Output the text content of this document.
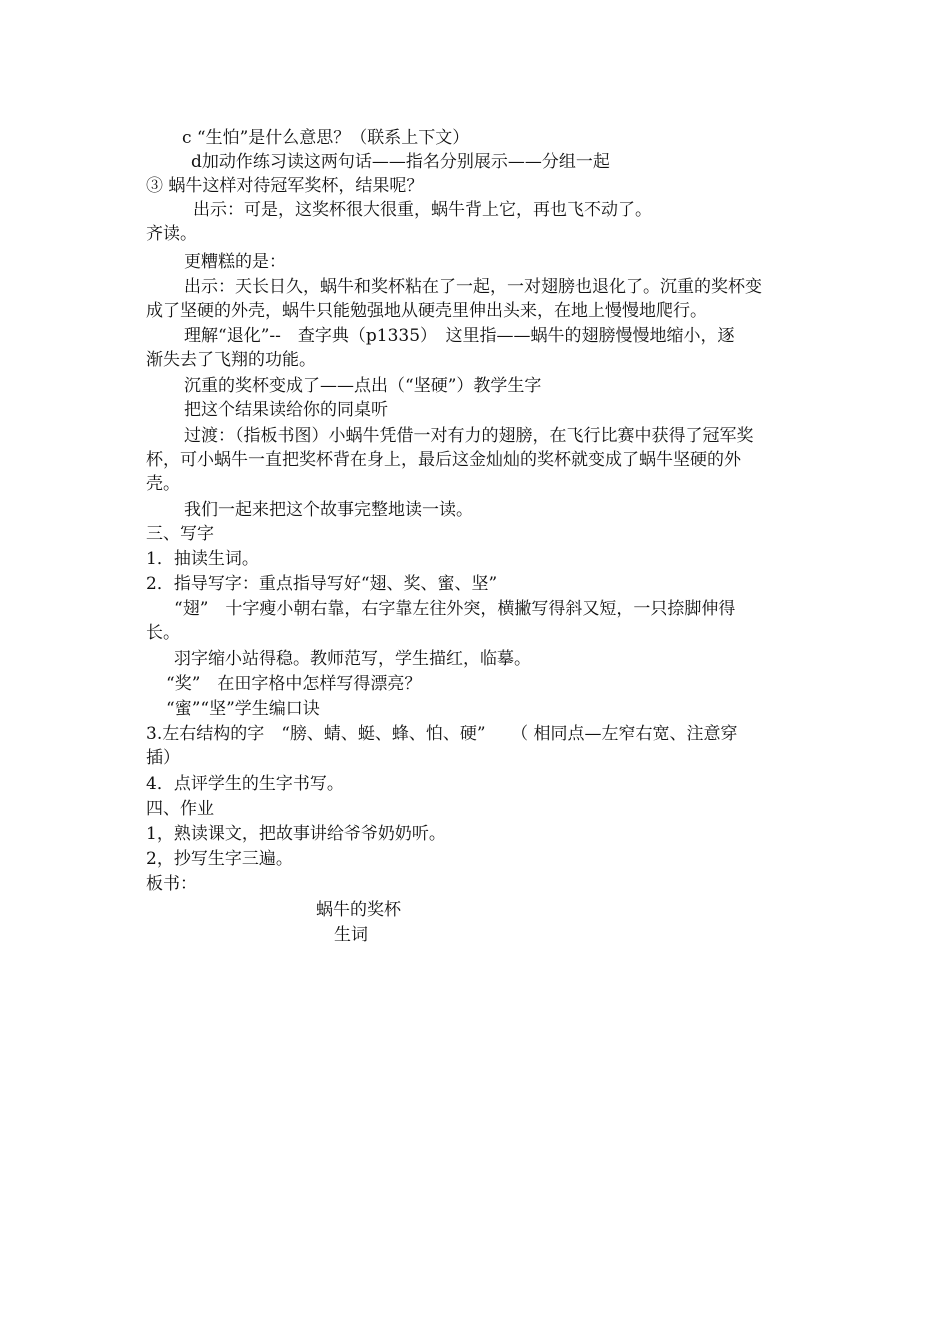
c “生怕”是什么意思？（联系上下文）
d加动作练习读这两句话——指名分别展示——分组一起
③ 蜗牛这样对待冠军奖杯，结果呢？
出示：可是，这奖杯很大很重，蜗牛背上它，再也飞不动了。
齐读。
更糟糕的是：
出示：天长日久，蜗牛和奖杯粘在了一起，一对翅膀也退化了。沉重的奖杯变
成了坚硬的外壳，蜗牛只能勉强地从硬壳里伸出头来，在地上慢慢地爬行。
理解“退化”--　查字典（p1335）　这里指——蜗牛的翅膀慢慢地缩小，逐
渐失去了飞翔的功能。
沉重的奖杯变成了——点出（“坚硬”）教学生字
把这个结果读给你的同桌听
过渡：（指板书图）小蜗牛凭借一对有力的翅膀，在飞行比赛中获得了冠军奖
杯，可小蜗牛一直把奖杯背在身上，最后这金灿灿的奖杯就变成了蜗牛坚硬的外
壳。
我们一起来把这个故事完整地读一读。
三、写字
1．抽读生词。
2．指导写字：重点指导写好“翅、奖、蜜、坚”
“翅”　十字瘦小朝右靠，右字靠左往外突，横撇写得斜又短，一只捺脚伸得
长。
羽字缩小站得稳。教师范写，学生描红，临摹。
“奖”　在田字格中怎样写得漂亮？
“蜜”“坚”学生编口诀
3.左右结构的字　“膀、蜻、蜓、蜂、怕、硬”　　（ 相同点—左窄右宽、注意穿
插）
4．点评学生的生字书写。
四、作业
1，熟读课文，把故事讲给爷爷奶奶听。
2，抄写生字三遍。
板书：
蜗牛的奖杯
生词
